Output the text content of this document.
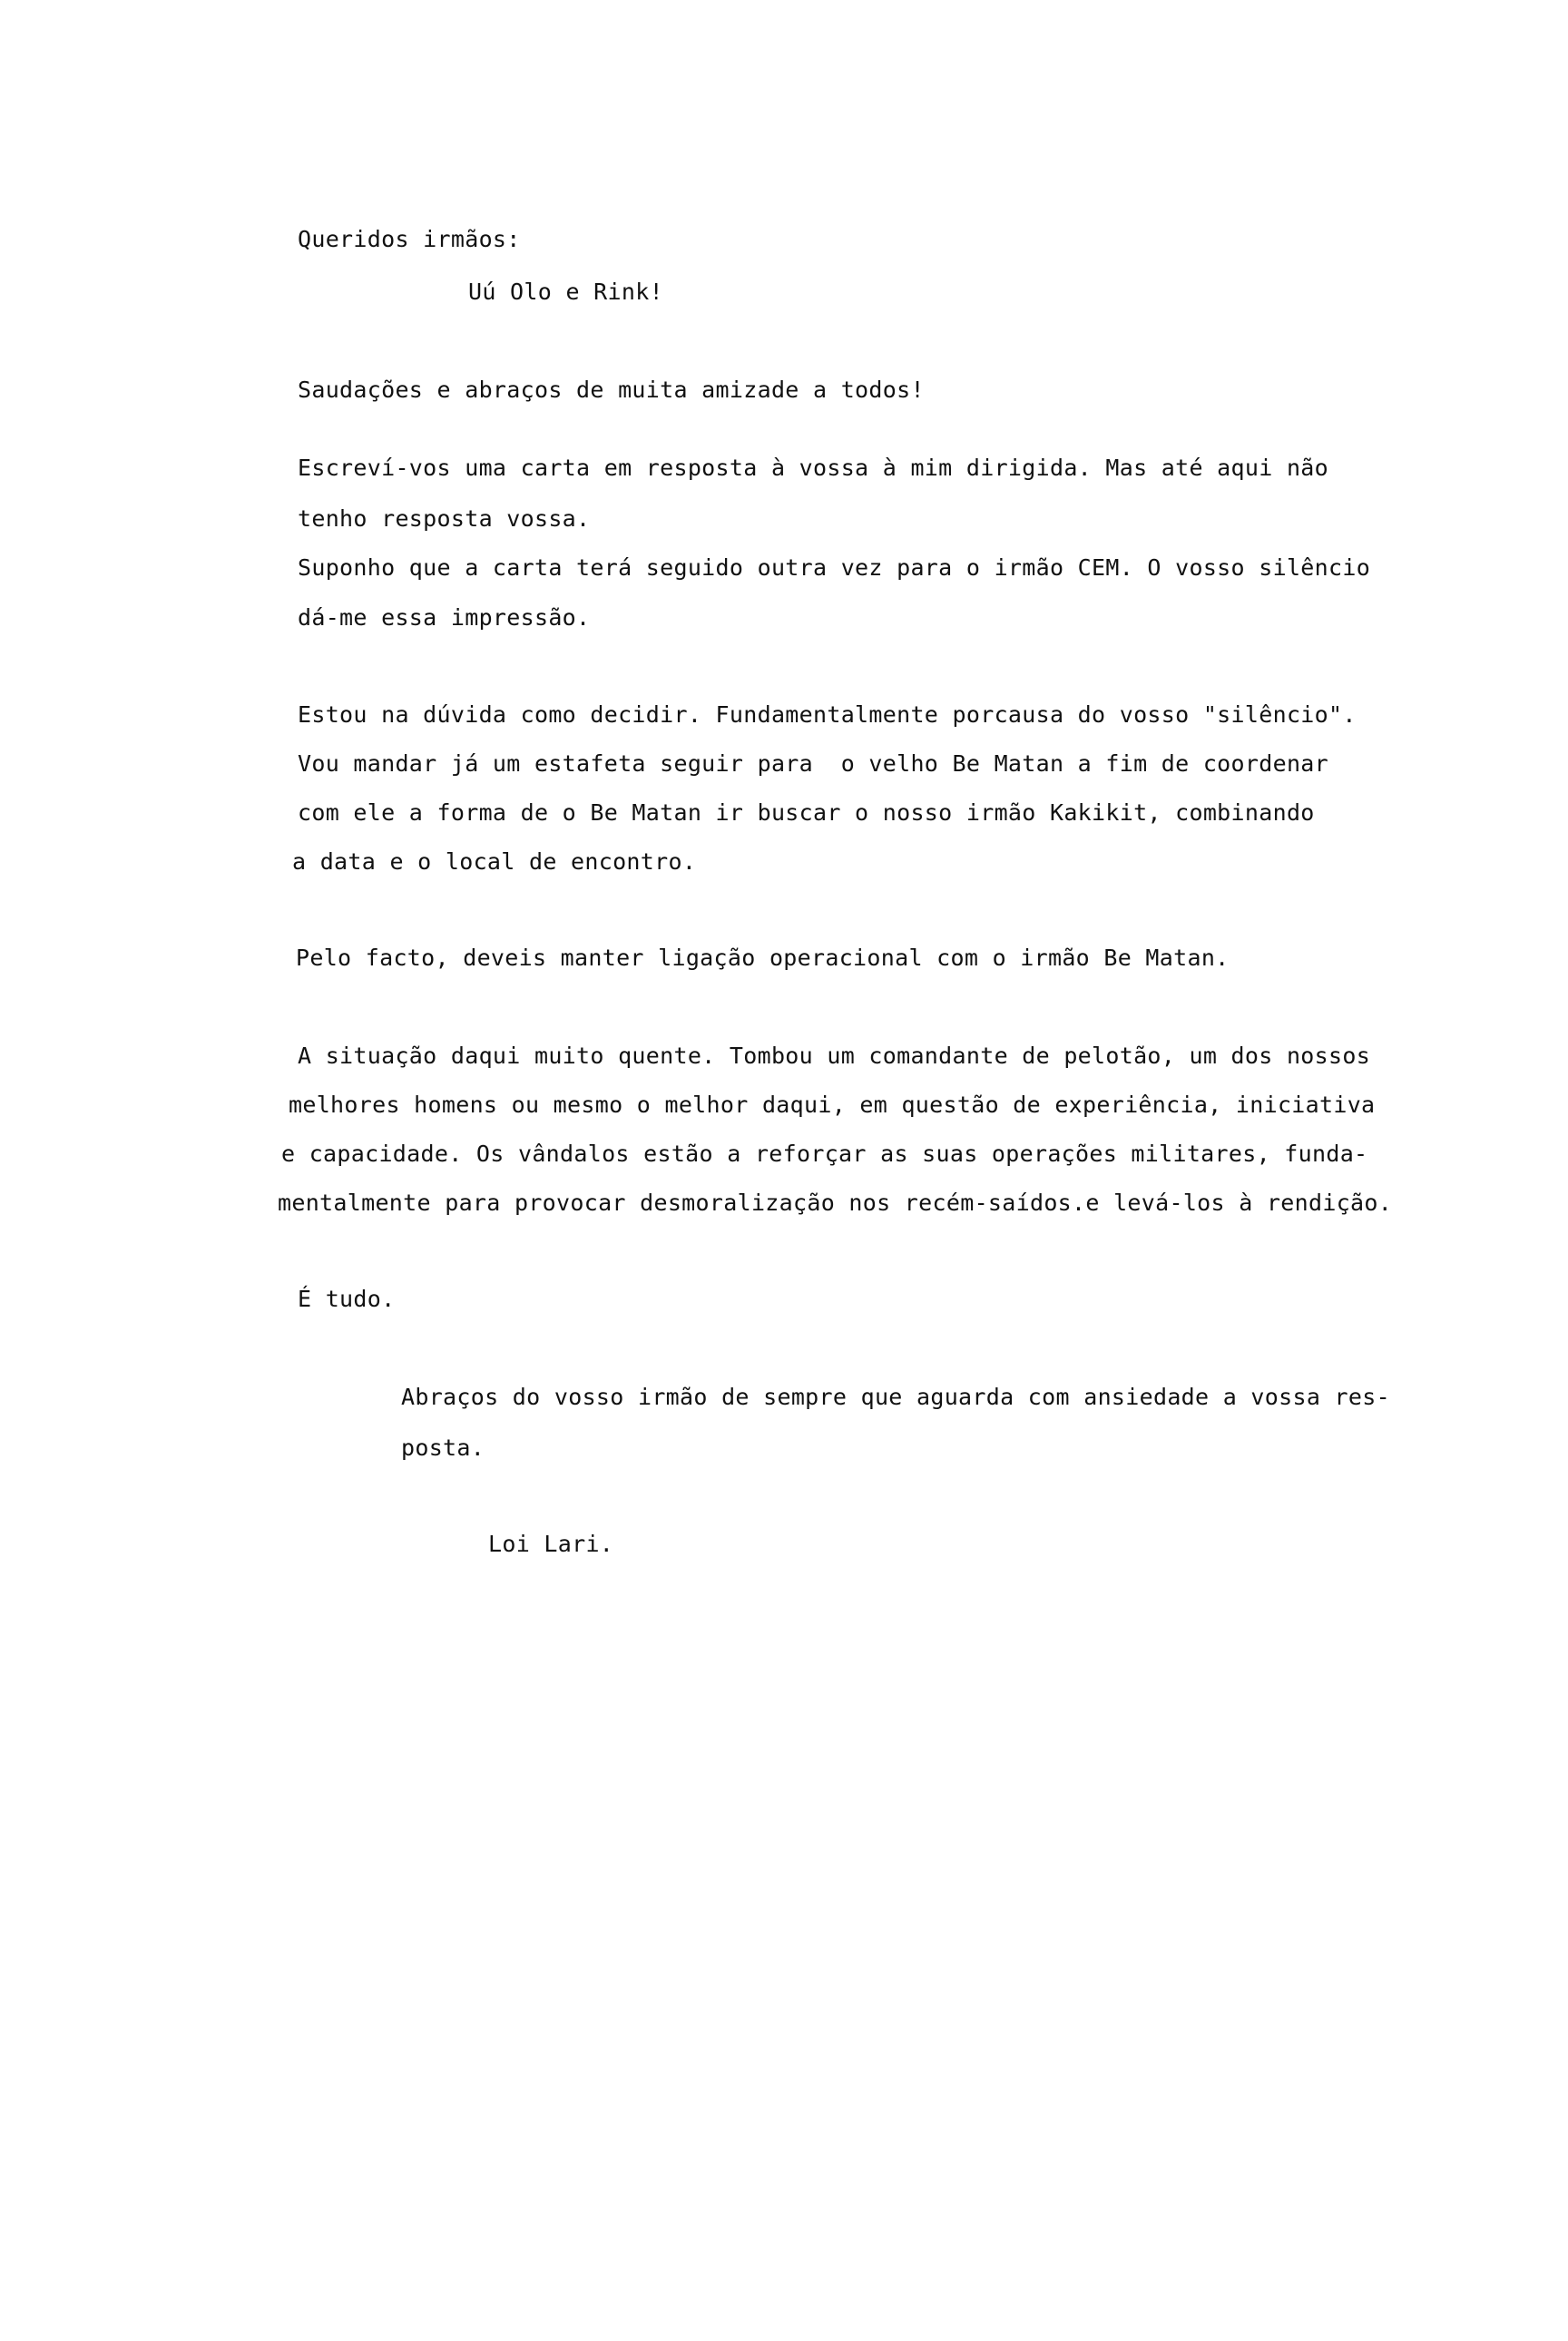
Queridos irmãos:
Uú Olo e Rink!
Saudações e abraços de muita amizade a todos!
Escreví-vos uma carta em resposta à vossa à mim dirigida. Mas até aqui não
tenho resposta vossa.
Suponho que a carta terá seguido outra vez para o irmão CEM. O vosso silêncio
dá-me essa impressão.
Estou na dúvida como decidir. Fundamentalmente porcausa do vosso "silêncio".
Vou mandar já um estafeta seguir para  o velho Be Matan a fim de coordenar
com ele a forma de o Be Matan ir buscar o nosso irmão Kakikit, combinando
a data e o local de encontro.
Pelo facto, deveis manter ligação operacional com o irmão Be Matan.
A situação daqui muito quente. Tombou um comandante de pelotão, um dos nossos
melhores homens ou mesmo o melhor daqui, em questão de experiência, iniciativa
e capacidade. Os vândalos estão a reforçar as suas operações militares, funda-
mentalmente para provocar desmoralização nos recém-saídos.e levá-los à rendição.
É tudo.
Abraços do vosso irmão de sempre que aguarda com ansiedade a vossa res-
posta.
Loi Lari.
